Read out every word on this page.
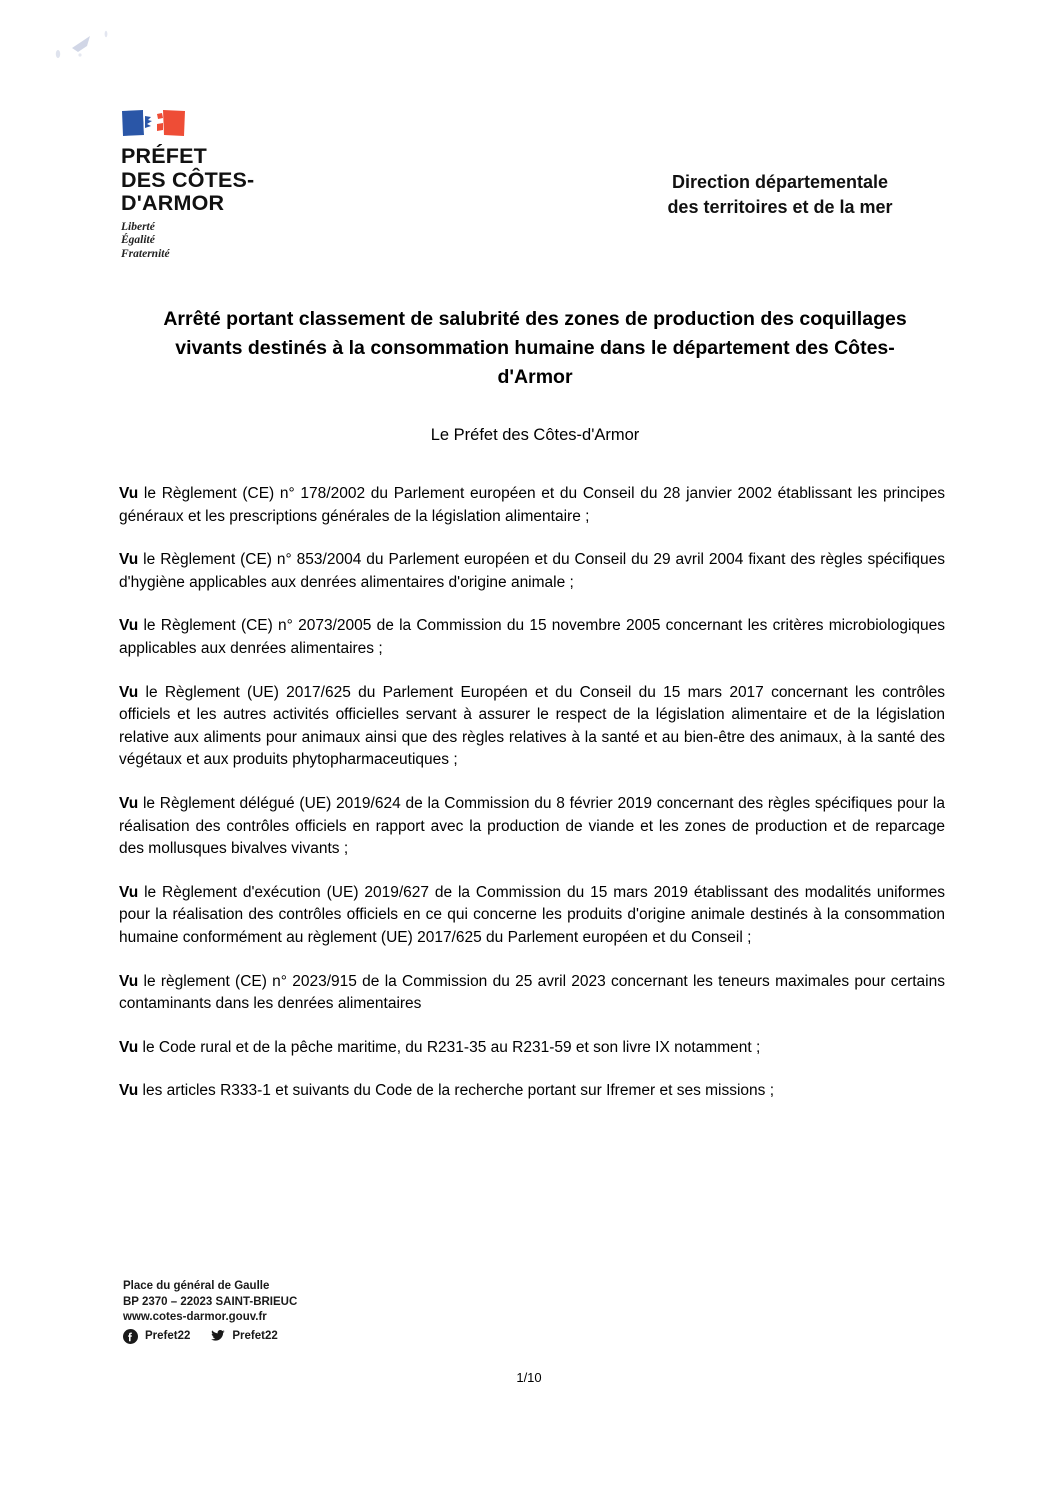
PRÉFET
DES CÔTES-
D'ARMOR
Liberté
Égalité
Fraternité
Direction départementale
des territoires et de la mer
Arrêté portant classement de salubrité des zones de production des coquillages vivants destinés à la consommation humaine dans le département des Côtes-d'Armor
Le Préfet des Côtes-d'Armor

Vu le Règlement (CE) n° 178/2002 du Parlement européen et du Conseil du 28 janvier 2002 établissant les principes généraux et les prescriptions générales de la législation alimentaire ;

Vu le Règlement (CE) n° 853/2004 du Parlement européen et du Conseil du 29 avril 2004 fixant des règles spécifiques d'hygiène applicables aux denrées alimentaires d'origine animale ;

Vu le Règlement (CE) n° 2073/2005 de la Commission du 15 novembre 2005 concernant les critères microbiologiques applicables aux denrées alimentaires ;

Vu le Règlement (UE) 2017/625 du Parlement Européen et du Conseil du 15 mars 2017 concernant les contrôles officiels et les autres activités officielles servant à assurer le respect de la législation alimentaire et de la législation relative aux aliments pour animaux ainsi que des règles relatives à la santé et au bien-être des animaux, à la santé des végétaux et aux produits phytopharmaceutiques ;

Vu le Règlement délégué (UE) 2019/624 de la Commission du 8 février 2019 concernant des règles spécifiques pour la réalisation des contrôles officiels en rapport avec la production de viande et les zones de production et de reparcage des mollusques bivalves vivants ;

Vu le Règlement d'exécution (UE) 2019/627 de la Commission du 15 mars 2019 établissant des modalités uniformes pour la réalisation des contrôles officiels en ce qui concerne les produits d'origine animale destinés à la consommation humaine conformément au règlement (UE) 2017/625 du Parlement européen et du Conseil ;

Vu le règlement (CE) n° 2023/915 de la Commission du 25 avril 2023 concernant les teneurs maximales pour certains contaminants dans les denrées alimentaires

Vu le Code rural et de la pêche maritime, du R231-35 au R231-59 et son livre IX notamment ;

Vu les articles R333-1 et suivants du Code de la recherche portant sur Ifremer et ses missions ;

Place du général de Gaulle
BP 2370 – 22023 SAINT-BRIEUC
www.cotes-darmor.gouv.fr
Prefet22	Prefet22
1/10
